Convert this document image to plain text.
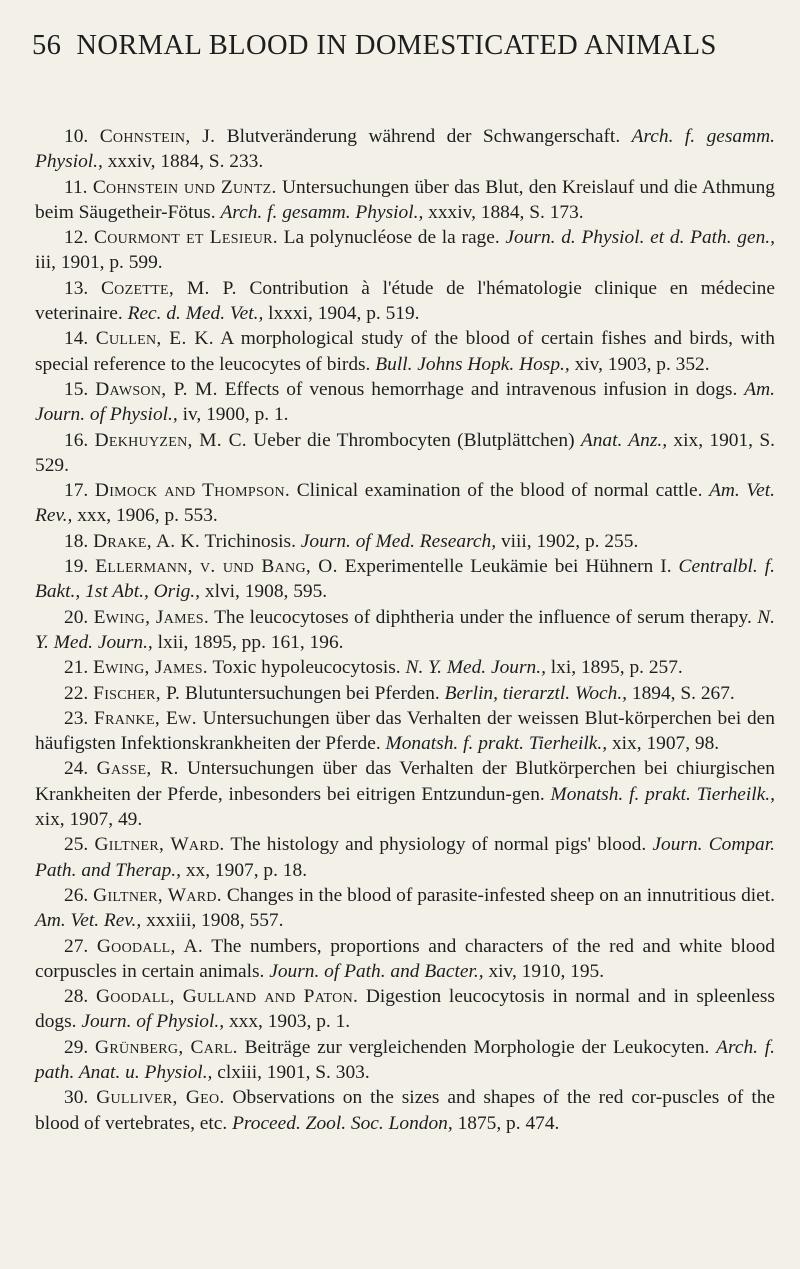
56 NORMAL BLOOD IN DOMESTICATED ANIMALS

10. Cohnstein, J. Blutveränderung während der Schwangerschaft. Arch. f. gesamm. Physiol., xxxiv, 1884, S. 233.

11. Cohnstein und Zuntz. Untersuchungen über das Blut, den Kreislauf und die Athmung beim Säugetheir-Fötus. Arch. f. gesamm. Physiol., xxxiv, 1884, S. 173.

12. Courmont et Lesieur. La polynucléose de la rage. Journ. d. Physiol. et d. Path. gen., iii, 1901, p. 599.

13. Cozette, M. P. Contribution à l'étude de l'hématologie clinique en médecine veterinaire. Rec. d. Med. Vet., lxxxi, 1904, p. 519.

14. Cullen, E. K. A morphological study of the blood of certain fishes and birds, with special reference to the leucocytes of birds. Bull. Johns Hopk. Hosp., xiv, 1903, p. 352.

15. Dawson, P. M. Effects of venous hemorrhage and intravenous infusion in dogs. Am. Journ. of Physiol., iv, 1900, p. 1.

16. Dekhuyzen, M. C. Ueber die Thrombocyten (Blutplättchen) Anat. Anz., xix, 1901, S. 529.

17. Dimock and Thompson. Clinical examination of the blood of normal cattle. Am. Vet. Rev., xxx, 1906, p. 553.

18. Drake, A. K. Trichinosis. Journ. of Med. Research, viii, 1902, p. 255.

19. Ellermann, v. und Bang, O. Experimentelle Leukämie bei Hühnern I. Centralbl. f. Bakt., 1st Abt., Orig., xlvi, 1908, 595.

20. Ewing, James. The leucocytoses of diphtheria under the influence of serum therapy. N. Y. Med. Journ., lxii, 1895, pp. 161, 196.

21. Ewing, James. Toxic hypoleucocytosis. N. Y. Med. Journ., lxi, 1895, p. 257.

22. Fischer, P. Blutuntersuchungen bei Pferden. Berlin, tierarztl. Woch., 1894, S. 267.

23. Franke, Ew. Untersuchungen über das Verhalten der weissen Blut-körperchen bei den häufigsten Infektionskrankheiten der Pferde. Monatsh. f. prakt. Tierheilk., xix, 1907, 98.

24. Gasse, R. Untersuchungen über das Verhalten der Blutkörperchen bei chiurgischen Krankheiten der Pferde, inbesonders bei eitrigen Entzundun-gen. Monatsh. f. prakt. Tierheilk., xix, 1907, 49.

25. Giltner, Ward. The histology and physiology of normal pigs' blood. Journ. Compar. Path. and Therap., xx, 1907, p. 18.

26. Giltner, Ward. Changes in the blood of parasite-infested sheep on an innutritious diet. Am. Vet. Rev., xxxiii, 1908, 557.

27. Goodall, A. The numbers, proportions and characters of the red and white blood corpuscles in certain animals. Journ. of Path. and Bacter., xiv, 1910, 195.

28. Goodall, Gulland and Paton. Digestion leucocytosis in normal and in spleenless dogs. Journ. of Physiol., xxx, 1903, p. 1.

29. Grünberg, Carl. Beiträge zur vergleichenden Morphologie der Leukocyten. Arch. f. path. Anat. u. Physiol., clxiii, 1901, S. 303.

30. Gulliver, Geo. Observations on the sizes and shapes of the red cor-puscles of the blood of vertebrates, etc. Proceed. Zool. Soc. London, 1875, p. 474.
